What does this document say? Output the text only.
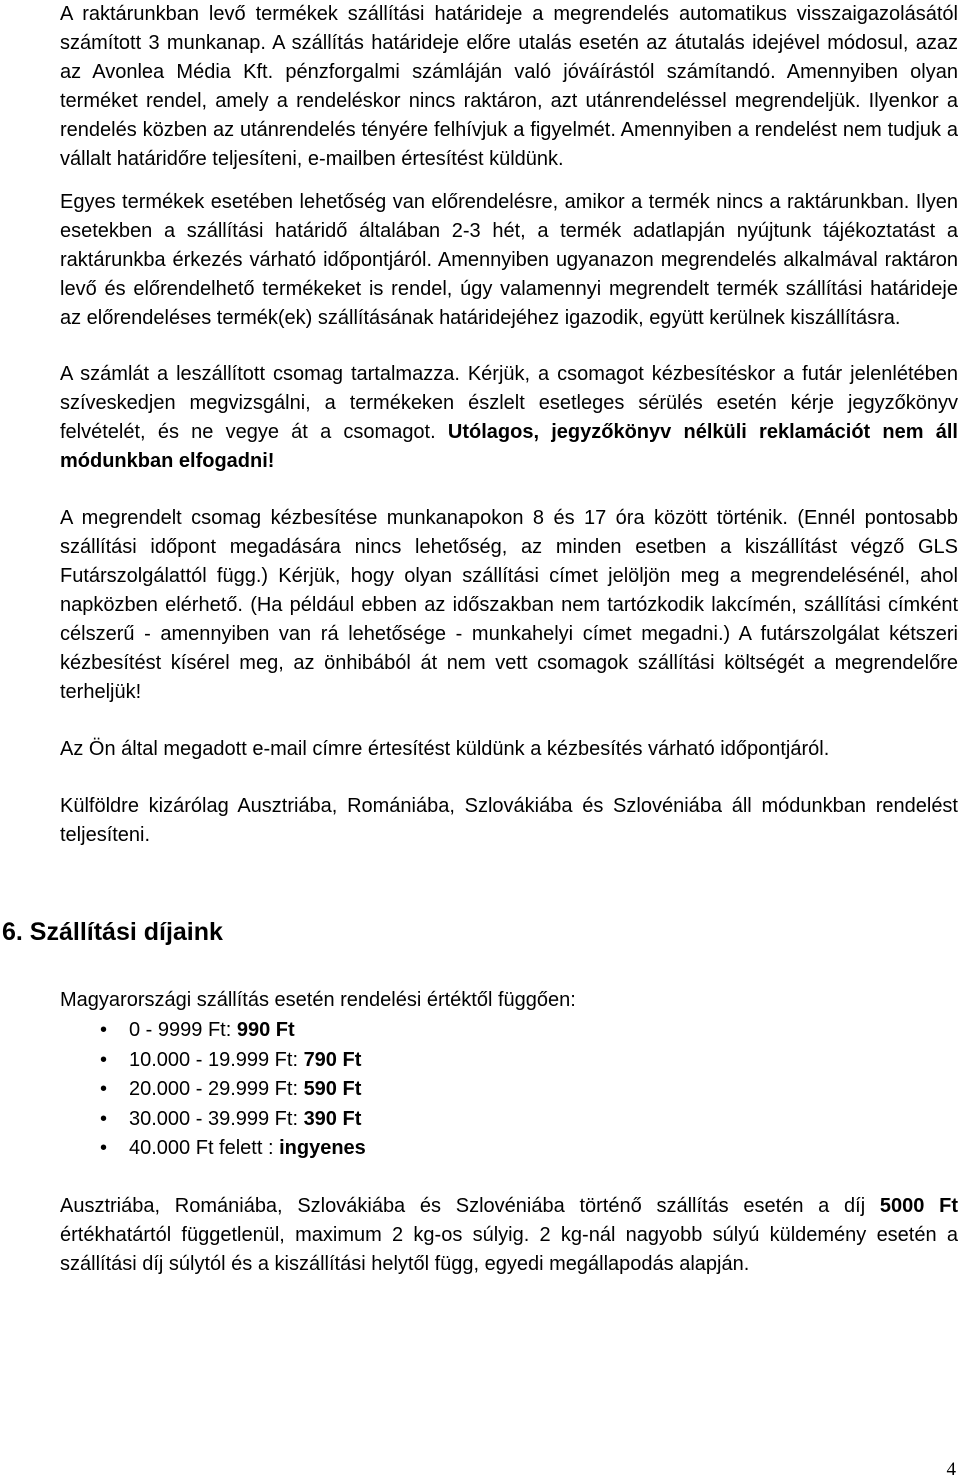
A raktárunkban levő termékek szállítási határideje a megrendelés automatikus visszaigazolásától számított 3 munkanap. A szállítás határideje előre utalás esetén az átutalás idejével módosul, azaz az Avonlea Média Kft. pénzforgalmi számláján való jóváírástól számítandó. Amennyiben olyan terméket rendel, amely a rendeléskor nincs raktáron, azt utánrendeléssel megrendeljük. Ilyenkor a rendelés közben az utánrendelés tényére felhívjuk a figyelmét. Amennyiben a rendelést nem tudjuk a vállalt határidőre teljesíteni, e-mailben értesítést küldünk.

Egyes termékek esetében lehetőség van előrendelésre, amikor a termék nincs a raktárunkban. Ilyen esetekben a szállítási határidő általában 2-3 hét, a termék adatlapján nyújtunk tájékoztatást a raktárunkba érkezés várható időpontjáról. Amennyiben ugyanazon megrendelés alkalmával raktáron levő és előrendelhető termékeket is rendel, úgy valamennyi megrendelt termék szállítási határideje az előrendeléses termék(ek) szállításának határidejéhez igazodik, együtt kerülnek kiszállításra.

A számlát a leszállított csomag tartalmazza. Kérjük, a csomagot kézbesítéskor a futár jelenlétében szíveskedjen megvizsgálni, a termékeken észlelt esetleges sérülés esetén kérje jegyzőkönyv felvételét, és ne vegye át a csomagot. Utólagos, jegyzőkönyv nélküli reklamációt nem áll módunkban elfogadni!

A megrendelt csomag kézbesítése munkanapokon 8 és 17 óra között történik. (Ennél pontosabb szállítási időpont megadására nincs lehetőség, az minden esetben a kiszállítást végző GLS Futárszolgálattól függ.) Kérjük, hogy olyan szállítási címet jelöljön meg a megrendelésénél, ahol napközben elérhető. (Ha például ebben az időszakban nem tartózkodik lakcímén, szállítási címként célszerű - amennyiben van rá lehetősége - munkahelyi címet megadni.) A futárszolgálat kétszeri kézbesítést kísérel meg, az önhibából át nem vett csomagok szállítási költségét a megrendelőre terheljük!

Az Ön által megadott e-mail címre értesítést küldünk a kézbesítés várható időpontjáról.

Külföldre kizárólag Ausztriába, Romániába, Szlovákiába és Szlovéniába áll módunkban rendelést teljesíteni.

6. Szállítási díjaink

Magyarországi szállítás esetén rendelési értéktől függően:

• 0 - 9999 Ft: 990 Ft
• 10.000 - 19.999 Ft: 790 Ft
• 20.000 - 29.999 Ft: 590 Ft
• 30.000 - 39.999 Ft: 390 Ft
• 40.000 Ft felett : ingyenes

Ausztriába, Romániába, Szlovákiába és Szlovéniába történő szállítás esetén a díj 5000 Ft értékhatártól függetlenül, maximum 2 kg-os súlyig. 2 kg-nál nagyobb súlyú küldemény esetén a szállítási díj súlytól és a kiszállítási helytől függ, egyedi megállapodás alapján.

4
